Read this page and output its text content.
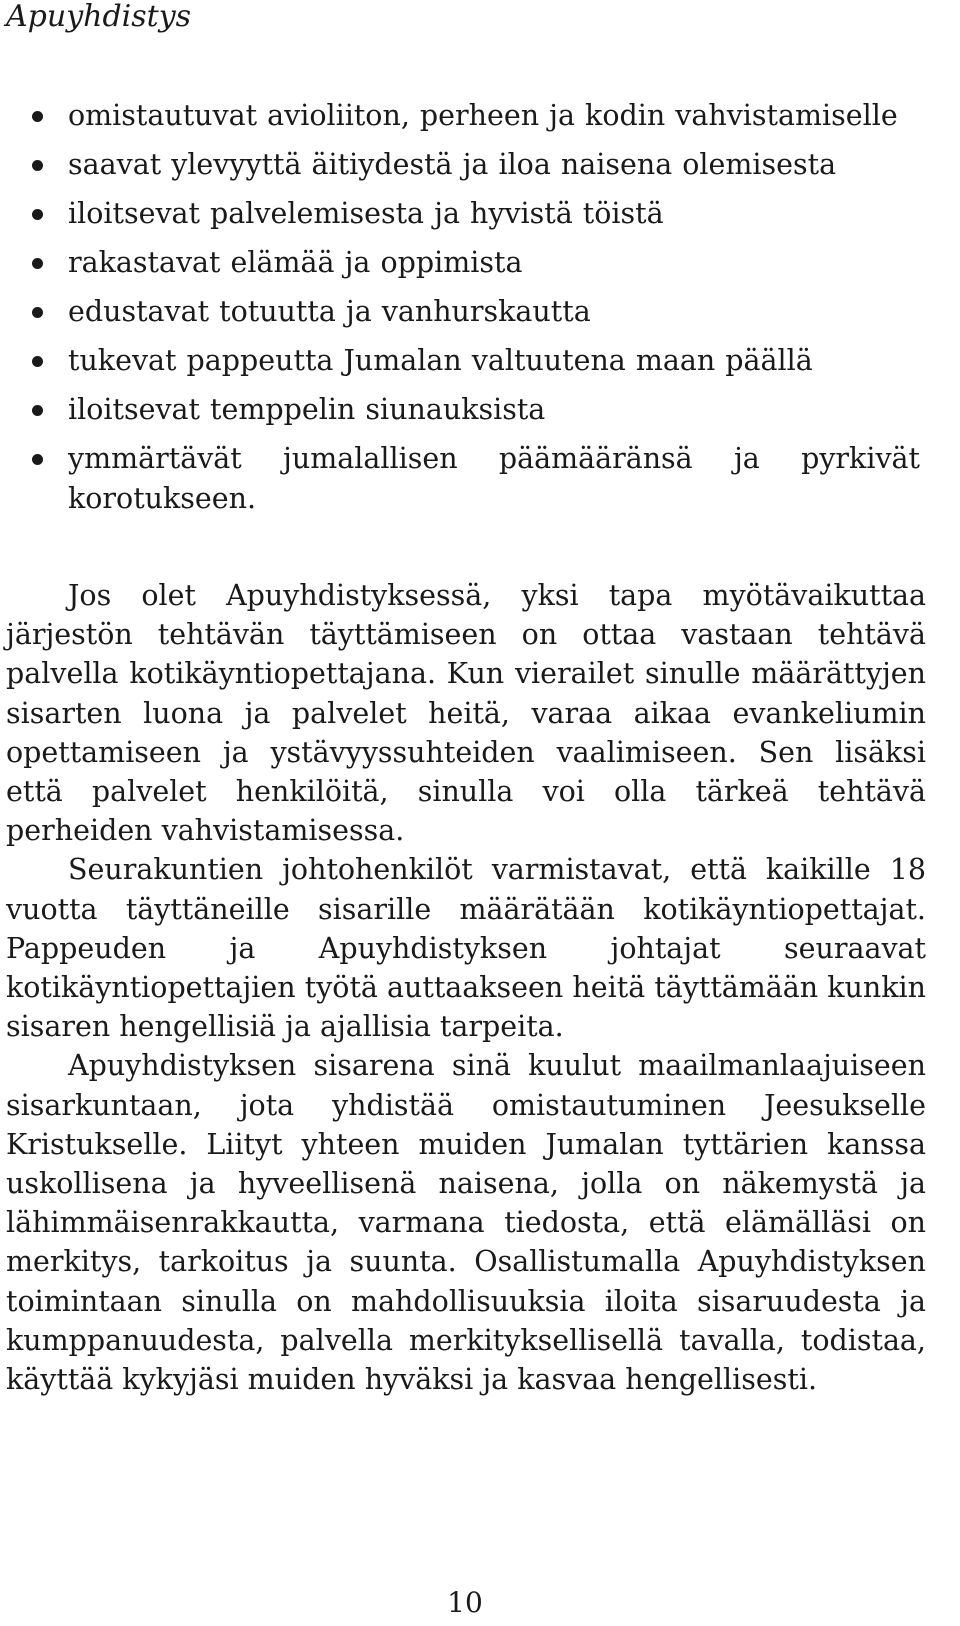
Apuyhdistys
omistautuvat avioliiton, perheen ja kodin vahvistamiselle
saavat ylevyyttä äitiydestä ja iloa naisena olemisesta
iloitsevat palvelemisesta ja hyvistä töistä
rakastavat elämää ja oppimista
edustavat totuutta ja vanhurskautta
tukevat pappeutta Jumalan valtuutena maan päällä
iloitsevat temppelin siunauksista
ymmärtävät jumalallisen päämääränsä ja pyrkivät korotukseen.

Jos olet Apuyhdistyksessä, yksi tapa myötävaikuttaa järjestön tehtävän täyttämiseen on ottaa vastaan tehtävä palvella kotikäyntiopettajana. Kun vierailet sinulle määrättyjen sisarten luona ja palvelet heitä, varaa aikaa evankeliumin opettamiseen ja ystävyyssuhteiden vaalimiseen. Sen lisäksi että palvelet henkilöitä, sinulla voi olla tärkeä tehtävä perheiden vahvistamisessa.

Seurakuntien johtohenkilöt varmistavat, että kaikille 18 vuotta täyttäneille sisarille määrätään kotikäyntiopettajat. Pappeuden ja Apuyhdistyksen johtajat seuraavat kotikäyntiopettajien työtä auttaakseen heitä täyttämään kunkin sisaren hengellisiä ja ajallisia tarpeita.

Apuyhdistyksen sisarena sinä kuulut maailmanlaajuiseen sisarkuntaan, jota yhdistää omistautuminen Jeesukselle Kristukselle. Liityt yhteen muiden Jumalan tyttärien kanssa uskollisena ja hyveellisenä naisena, jolla on näkemystä ja lähimmäisenrakkautta, varmana tiedosta, että elämälläsi on merkitys, tarkoitus ja suunta. Osallistumalla Apuyhdistyksen toimintaan sinulla on mahdollisuuksia iloita sisaruudesta ja kumppanuudesta, palvella merkityksellisellä tavalla, todistaa, käyttää kykyjäsi muiden hyväksi ja kasvaa hengellisesti.

10
